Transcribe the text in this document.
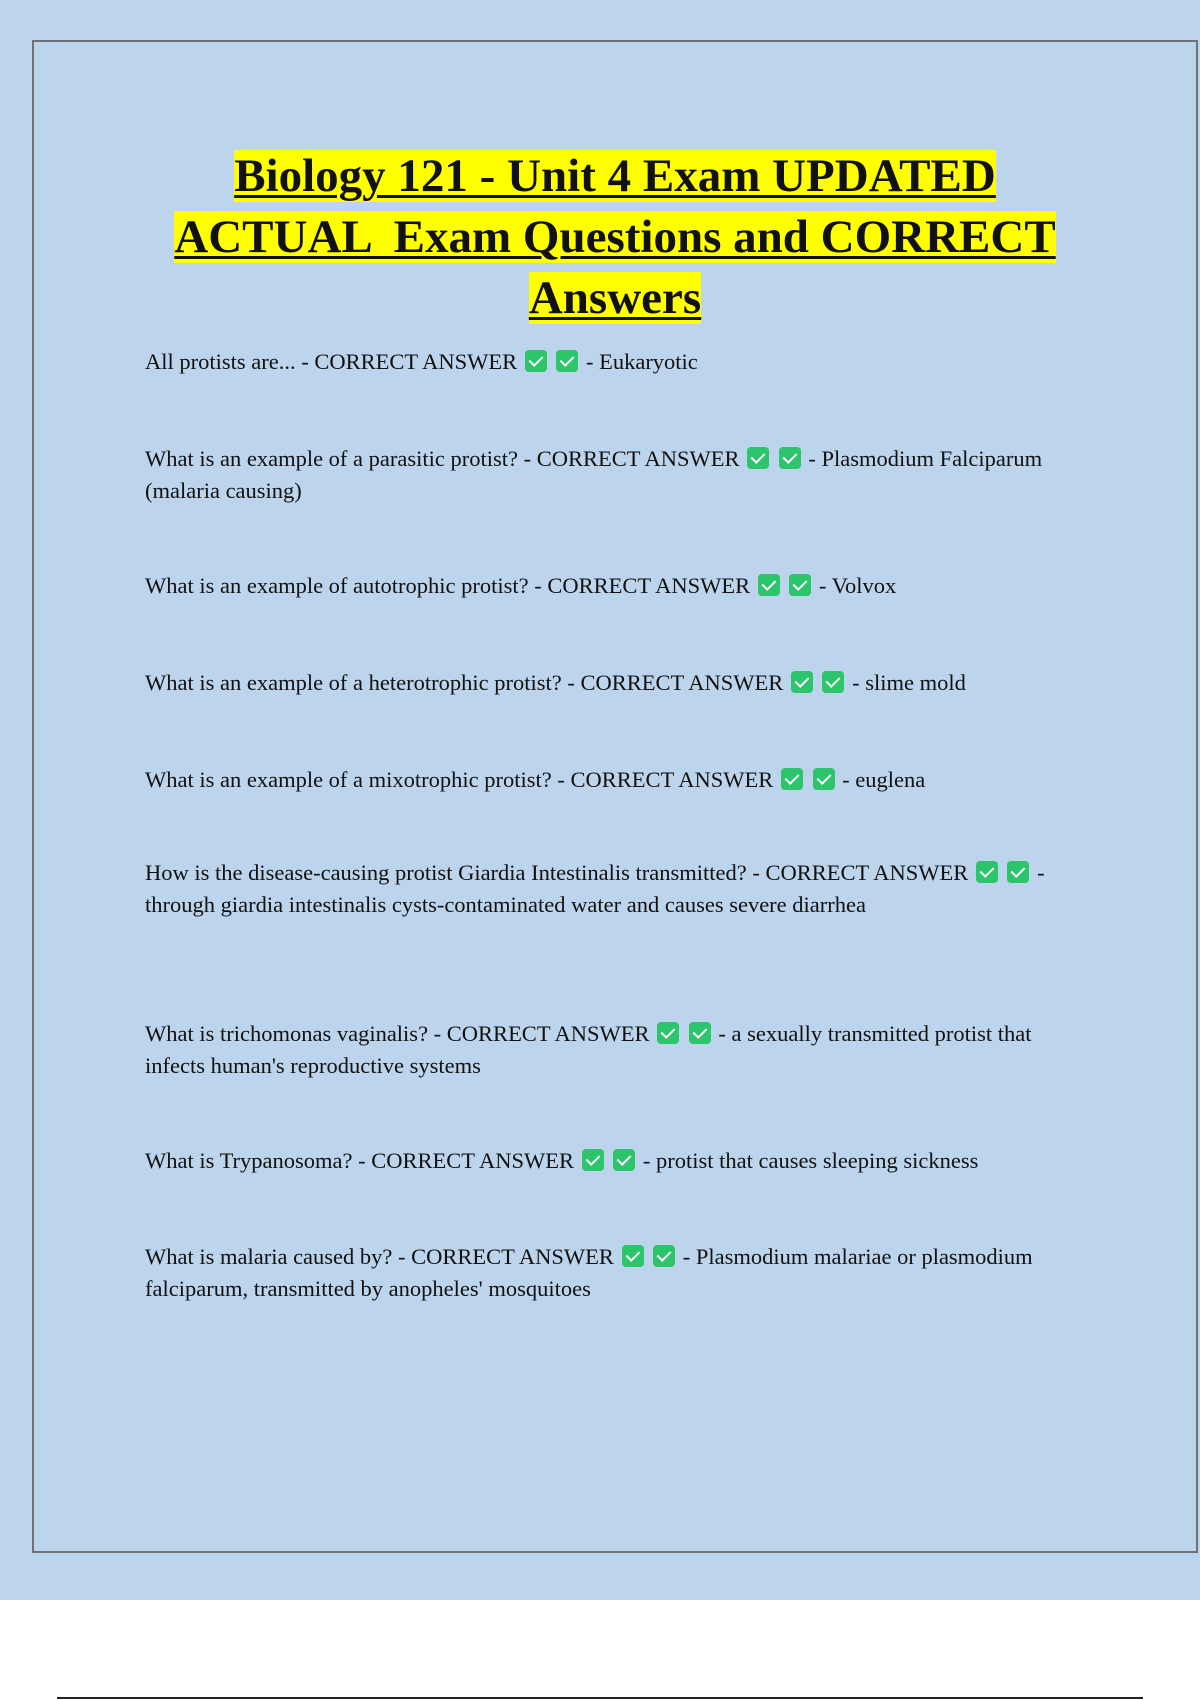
Biology 121 - Unit 4 Exam UPDATED
ACTUAL  Exam Questions and CORRECT
Answers

All protists are... - CORRECT ANSWER	- Eukaryotic

What is an example of a parasitic protist? - CORRECT ANSWER	- Plasmodium Falciparum (malaria causing)

What is an example of autotrophic protist? - CORRECT ANSWER	- Volvox

What is an example of a heterotrophic protist? - CORRECT ANSWER	- slime mold

What is an example of a mixotrophic protist? - CORRECT ANSWER	- euglena

How is the disease-causing protist Giardia Intestinalis transmitted? - CORRECT ANSWER	- through giardia intestinalis cysts-contaminated water and causes severe diarrhea

What is trichomonas vaginalis? - CORRECT ANSWER	- a sexually transmitted protist that infects human's reproductive systems

What is Trypanosoma? - CORRECT ANSWER	- protist that causes sleeping sickness

What is malaria caused by? - CORRECT ANSWER	- Plasmodium malariae or plasmodium falciparum, transmitted by anopheles' mosquitoes
